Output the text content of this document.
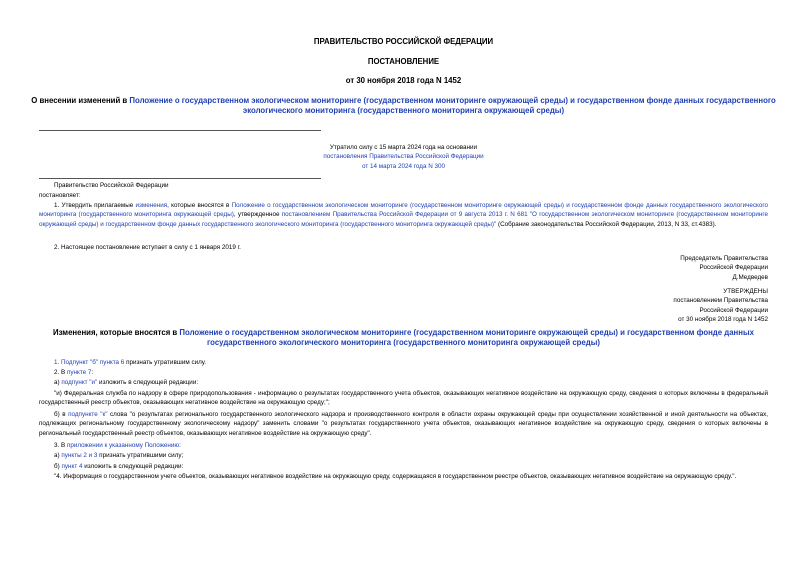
ПРАВИТЕЛЬСТВО РОССИЙСКОЙ ФЕДЕРАЦИИ
ПОСТАНОВЛЕНИЕ
от 30 ноября 2018 года N 1452
О внесении изменений в Положение о государственном экологическом мониторинге (государственном мониторинге окружающей среды) и государственном фонде данных государственного экологического мониторинга (государственного мониторинга окружающей среды)
Утратило силу с 15 марта 2024 года на основании
постановления Правительства Российской Федерации
от 14 марта 2024 года N 300
Правительство Российской Федерации
постановляет:
1. Утвердить прилагаемые изменения, которые вносятся в Положение о государственном экологическом мониторинге (государственном мониторинге окружающей среды) и государственном фонде данных государственного экологического мониторинга (государственного мониторинга окружающей среды), утвержденное постановлением Правительства Российской Федерации от 9 августа 2013 г. N 681 "О государственном экологическом мониторинге (государственном мониторинге окружающей среды) и государственном фонде данных государственного экологического мониторинга (государственного мониторинга окружающей среды)" (Собрание законодательства Российской Федерации, 2013, N 33, ст.4383).
2. Настоящее постановление вступает в силу с 1 января 2019 г.
Председатель Правительства
Российской Федерации
Д.Медведев
УТВЕРЖДЕНЫ
постановлением Правительства
Российской Федерации
от 30 ноября 2018 года N 1452
Изменения, которые вносятся в Положение о государственном экологическом мониторинге (государственном мониторинге окружающей среды) и государственном фонде данных государственного экологического мониторинга (государственного мониторинга окружающей среды)
1. Подпункт "б" пункта 6 признать утратившим силу.
2. В пункте 7:
а) подпункт "и" изложить в следующей редакции:
"и) Федеральная служба по надзору в сфере природопользования - информацию о результатах государственного учета объектов, оказывающих негативное воздействие на окружающую среду, сведения о которых включены в федеральный государственный реестр объектов, оказывающих негативное воздействие на окружающую среду;";
б) в подпункте "к" слова "о результатах регионального государственного экологического надзора и производственного контроля в области охраны окружающей среды при осуществлении хозяйственной и иной деятельности на объектах, подлежащих региональному государственному экологическому надзору" заменить словами "о результатах государственного учета объектов, оказывающих негативное воздействие на окружающую среду, сведения о которых включены в региональный государственный реестр объектов, оказывающих негативное воздействие на окружающую среду".
3. В приложении к указанному Положению:
а) пункты 2 и 3 признать утратившими силу;
б) пункт 4 изложить в следующей редакции:
"4. Информация о государственном учете объектов, оказывающих негативное воздействие на окружающую среду, содержащаяся в государственном реестре объектов, оказывающих негативное воздействие на окружающую среду.".
